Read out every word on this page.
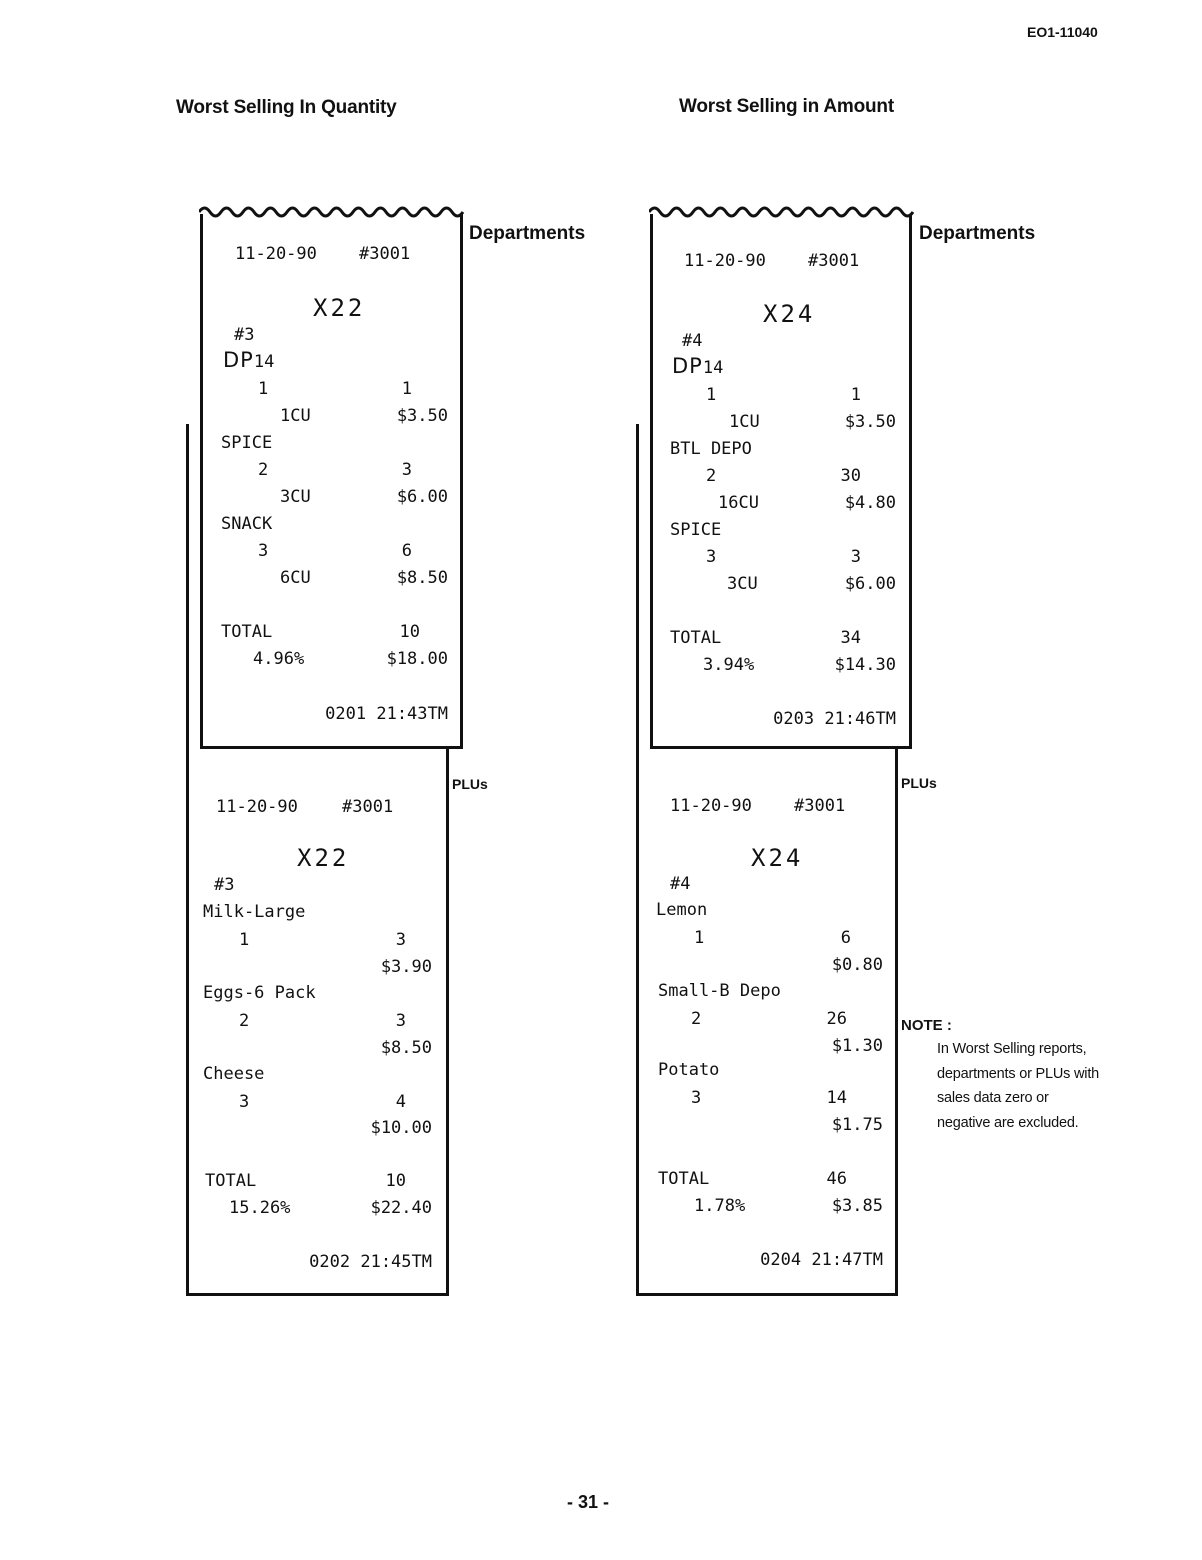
EO1-11040
Worst Selling In Quantity	Worst Selling in Amount
11-20-90	#3001
X22
#3
Milk-Large
1	3
$3.90
Eggs-6 Pack
2	3
$8.50
Cheese
3	4
$10.00
TOTAL	10
15.26%	$22.40
0202 21:45TM
11-20-90 #3001
X22
#3
DP14
1	1
1CU	$3.50
SPICE
2	3
3CU	$6.00
SNACK
3	6
6CU	$8.50
TOTAL	10
4.96%	$18.00
0201 21:43TM
Departments
PLUs
11-20-90 #3001
X24
#4
Lemon
1	6
$0.80
Small-B Depo
2	26
$1.30
Potato
3	14
$1.75
TOTAL	46
1.78%	$3.85
0204 21:47TM
11-20-90 #3001
X24
#4
DP14
1	1
1CU	$3.50
BTL DEPO
2	30
16CU	$4.80
SPICE
3	3
3CU	$6.00
TOTAL	34
3.94%	$14.30
0203 21:46TM
Departments
PLUs
NOTE :
In Worst Selling reports, departments or PLUs with sales data zero or negative are excluded.
- 31 -
